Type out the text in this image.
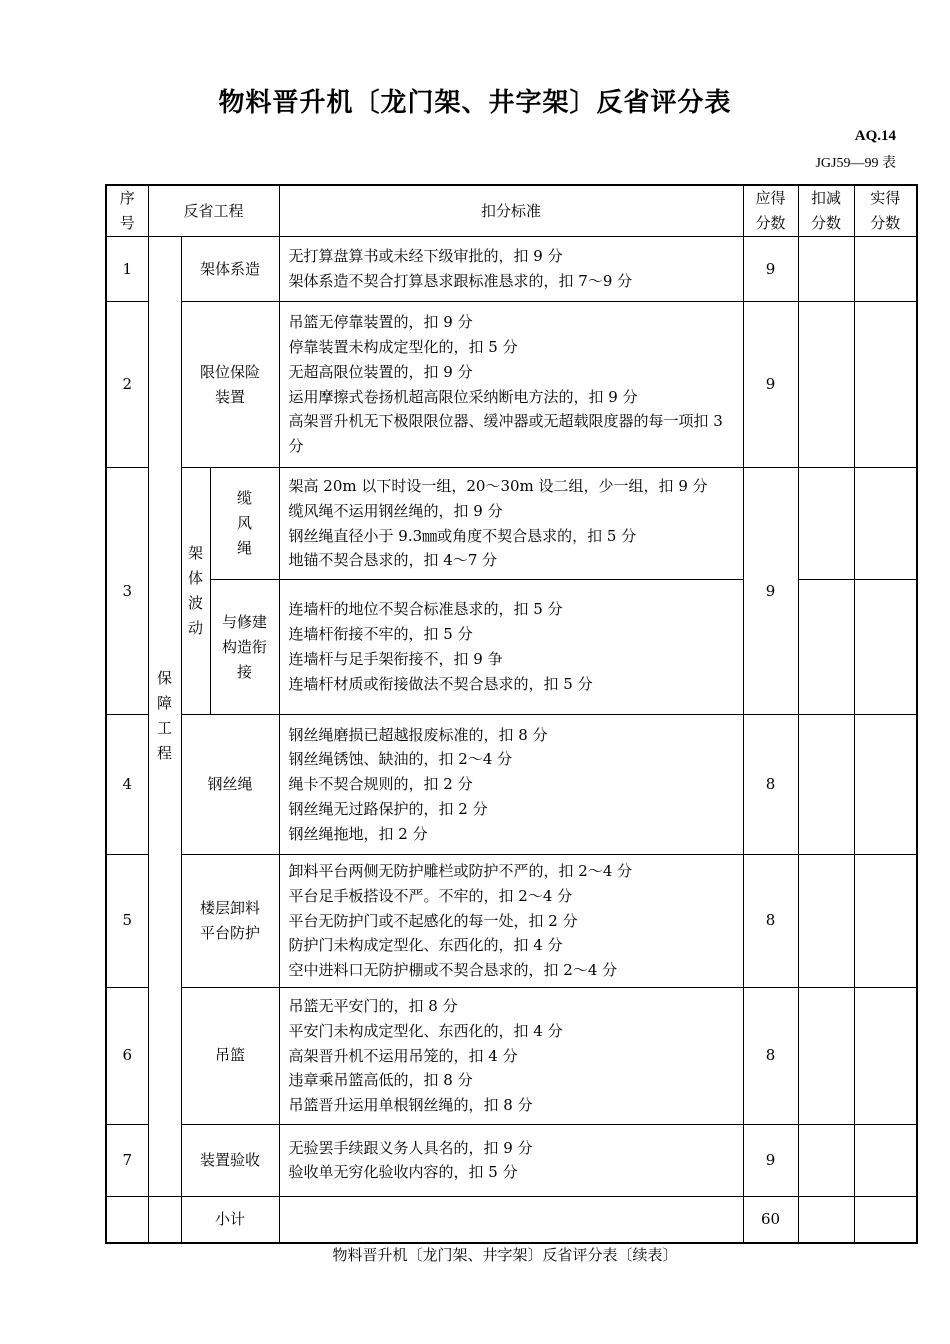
物料晋升机〔龙门架、井字架〕反省评分表
AQ.14
JGJ59—99 表
序号	反省工程			扣分标准	应得分数	扣减分数	实得分数
1	保障工程	架体系造		无打算盘算书或未经下级审批的，扣 9 分
架体系造不契合打算恳求跟标准恳求的，扣 7～9 分	9		
2		限位保险装置		吊篮无停靠装置的，扣 9 分
停靠装置未构成定型化的，扣 5 分
无超高限位装置的，扣 9 分
运用摩擦式卷扬机超高限位采纳断电方法的，扣 9 分
高架晋升机无下极限限位器、缓冲器或无超载限度器的每一项扣 3 分	9		
3		架体波动	缆风绳	架高 20m 以下时设一组，20～30m 设二组，少一组，扣 9 分
缆风绳不运用钢丝绳的，扣 9 分
钢丝绳直径小于 9.3㎜或角度不契合恳求的，扣 5 分
地锚不契合恳求的，扣 4～7 分	9		
			与修建构造衔接	连墙杆的地位不契合标准恳求的，扣 5 分
连墙杆衔接不牢的，扣 5 分
连墙杆与足手架衔接不，扣 9 争
连墙杆材质或衔接做法不契合恳求的，扣 5 分			

4		钢丝绳		钢丝绳磨损已超越报废标准的，扣 8 分
钢丝绳锈蚀、缺油的，扣 2～4 分
绳卡不契合规则的，扣 2 分
钢丝绳无过路保护的，扣 2 分
钢丝绳拖地，扣 2 分	8		
5		楼层卸料平台防护		卸料平台两侧无防护雕栏或防护不严的，扣 2～4 分
平台足手板搭设不严。不牢的，扣 2～4 分
平台无防护门或不起感化的每一处，扣 2 分
防护门未构成定型化、东西化的，扣 4 分
空中进料口无防护棚或不契合恳求的，扣 2～4 分	8		
6		吊篮		吊篮无平安门的，扣 8 分
平安门未构成定型化、东西化的，扣 4 分
高架晋升机不运用吊笼的，扣 4 分
违章乘吊篮高低的，扣 8 分
吊篮晋升运用单根钢丝绳的，扣 8 分	8		
7		装置验收		无验罢手续跟义务人具名的，扣 9 分
验收单无穷化验收内容的，扣 5 分	9		
		小计			60		
物料晋升机〔龙门架、井字架〕反省评分表〔续表〕
